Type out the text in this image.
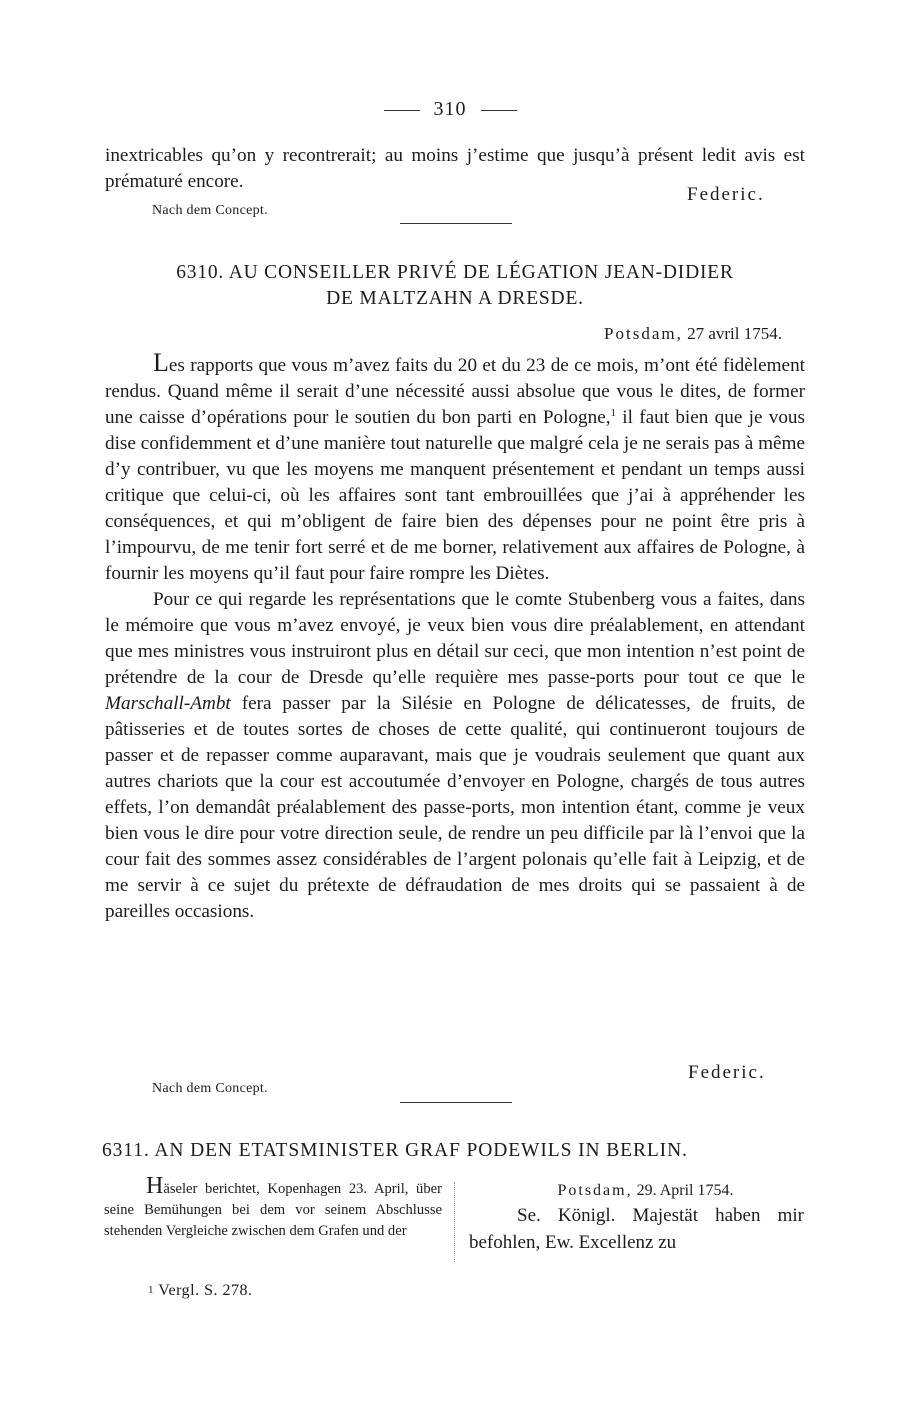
310

inextricables qu’on y recontrerait; au moins j’estime que jusqu’à présent ledit avis est prématuré encore.

Federic.
Nach dem Concept.
6310. AU CONSEILLER PRIVÉ DE LÉGATION JEAN-DIDIER
DE MALTZAHN A DRESDE.
Potsdam, 27 avril 1754.

Les rapports que vous m’avez faits du 20 et du 23 de ce mois, m’ont été fidèlement rendus. Quand même il serait d’une nécessité aussi absolue que vous le dites, de former une caisse d’opérations pour le soutien du bon parti en Pologne,$^1$ il faut bien que je vous dise confidemment et d’une manière tout naturelle que malgré cela je ne serais pas à même d’y contribuer, vu que les moyens me manquent présentement et pendant un temps aussi critique que celui-ci, où les affaires sont tant embrouillées que j’ai à appréhender les conséquences, et qui m’obligent de faire bien des dépenses pour ne point être pris à l’impourvu, de me tenir fort serré et de me borner, relativement aux affaires de Pologne, à fournir les moyens qu’il faut pour faire rompre les Diètes.

Pour ce qui regarde les représentations que le comte Stubenberg vous a faites, dans le mémoire que vous m’avez envoyé, je veux bien vous dire préalablement, en attendant que mes ministres vous instruiront plus en détail sur ceci, que mon intention n’est point de prétendre de la cour de Dresde qu’elle requière mes passe-ports pour tout ce que le Marschall-Ambt fera passer par la Silésie en Pologne de délicatesses, de fruits, de pâtisseries et de toutes sortes de choses de cette qualité, qui continueront toujours de passer et de repasser comme auparavant, mais que je voudrais seulement que quant aux autres chariots que la cour est accoutumée d’envoyer en Pologne, chargés de tous autres effets, l’on demandât préalablement des passe-ports, mon intention étant, comme je veux bien vous le dire pour votre direction seule, de rendre un peu difficile par là l’envoi que la cour fait des sommes assez considérables de l’argent polonais qu’elle fait à Leipzig, et de me servir à ce sujet du prétexte de défraudation de mes droits qui se passaient à de pareilles occasions.

Federic.
Nach dem Concept.
6311. AN DEN ETATSMINISTER GRAF PODEWILS IN BERLIN.

Häseler berichtet, Kopenhagen 23. April, über seine Bemühungen bei dem vor seinem Abschlusse stehenden Vergleiche zwischen dem Grafen und der

Potsdam, 29. April 1754.

Se. Königl. Majestät haben mir befohlen, Ew. Excellenz zu

1 Vergl. S. 278.
